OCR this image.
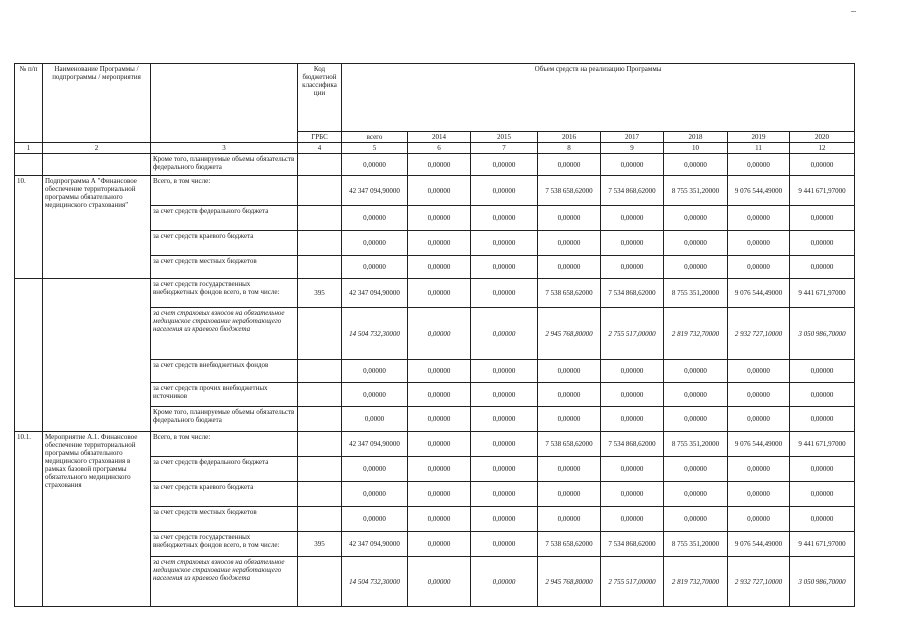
№ п/п	Наименование Программы / подпрограммы / мероприятия		Код бюджетной классифика ции	Объем средств на реализацию Программы							
			ГРБС	всего	2014	2015	2016	2017	2018	2019	2020
1	2	3	4	5	6	7	8	9	10	11	12
		Кроме того, планируемые объемы обязательств федерального бюджета		0,00000	0,00000	0,00000	0,00000	0,00000	0,00000	0,00000	0,00000
10.	Подпрограмма А "Финансовое обеспечение территориальной программы обязательного медицинского страхования"	Всего, в том числе:		42 347 094,90000	0,00000	0,00000	7 538 658,62000	7 534 868,62000	8 755 351,20000	9 076 544,49000	9 441 671,97000
		за счет средств федерального бюджета		0,00000	0,00000	0,00000	0,00000	0,00000	0,00000	0,00000	0,00000
		за счет средств краевого бюджета		0,00000	0,00000	0,00000	0,00000	0,00000	0,00000	0,00000	0,00000
		за счет средств местных бюджетов		0,00000	0,00000	0,00000	0,00000	0,00000	0,00000	0,00000	0,00000
		за счет средств государственных внебюджетных фондов всего, в том числе:	395	42 347 094,90000	0,00000	0,00000	7 538 658,62000	7 534 868,62000	8 755 351,20000	9 076 544,49000	9 441 671,97000
		за счет страховых взносов на обязательное медицинское страхование неработающего населения из краевого бюджета		14 504 732,30000	0,00000	0,00000	2 945 768,80000	2 755 517,00000	2 819 732,70000	2 932 727,10000	3 050 986,70000
		за счет средств внебюджетных фондов		0,00000	0,00000	0,00000	0,00000	0,00000	0,00000	0,00000	0,00000
		за счет средств прочих внебюджетных источников		0,00000	0,00000	0,00000	0,00000	0,00000	0,00000	0,00000	0,00000
		Кроме того, планируемые объемы обязательств федерального бюджета		0,0000	0,00000	0,00000	0,00000	0,00000	0,00000	0,00000	0,00000
10.1.	Мероприятие А.1. Финансовое обеспечение территориальной программы обязательного медицинского страхования в рамках базовой программы обязательного медицинского страхования	Всего, в том числе:		42 347 094,90000	0,00000	0,00000	7 538 658,62000	7 534 868,62000	8 755 351,20000	9 076 544,49000	9 441 671,97000
		за счет средств федерального бюджета		0,00000	0,00000	0,00000	0,00000	0,00000	0,00000	0,00000	0,00000
		за счет средств краевого бюджета		0,00000	0,00000	0,00000	0,00000	0,00000	0,00000	0,00000	0,00000
		за счет средств местных бюджетов		0,00000	0,00000	0,00000	0,00000	0,00000	0,00000	0,00000	0,00000
		за счет средств государственных внебюджетных фондов всего, в том числе:	395	42 347 094,90000	0,00000	0,00000	7 538 658,62000	7 534 868,62000	8 755 351,20000	9 076 544,49000	9 441 671,97000
		за счет страховых взносов на обязательное медицинское страхование неработающего населения из краевого бюджета		14 504 732,30000	0,00000	0,00000	2 945 768,80000	2 755 517,00000	2 819 732,70000	2 932 727,10000	3 050 986,70000
